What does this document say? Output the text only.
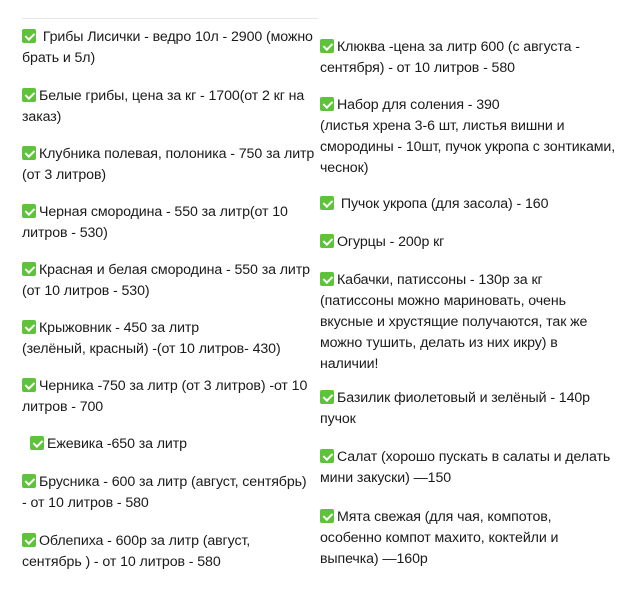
Грибы Лисички - ведро 10л - 2900 (можно
брать и 5л)
Белые грибы, цена за кг - 1700(от 2 кг на
заказ)
Клубника полевая, полоника - 750 за литр
(от 3 литров)
Черная смородина - 550 за литр(от 10
литров - 530)
Красная и белая смородина - 550 за литр
(от 10 литров - 530)
Крыжовник - 450 за литр
(зелёный, красный) -(от 10 литров- 430)
Черника -750 за литр (от 3 литров) -от 10
литров - 700
Ежевика -650 за литр
Брусника - 600 за литр (август, сентябрь)
- от 10 литров - 580
Облепиха - 600р за литр (август,
сентябрь ) - от 10 литров - 580
Клюква -цена за литр 600 (с августа -
сентября) - от 10 литров - 580
Набор для соления - 390
(листья хрена 3-6 шт, листья вишни и
смородины - 10шт, пучок укропа с зонтиками,
чеснок)
Пучок укропа (для засола) - 160
Огурцы - 200р кг
Кабачки, патиссоны - 130р за кг
(патиссоны можно мариновать, очень
вкусные и хрустящие получаются, так же
можно тушить, делать из них икру) в
наличии!
Базилик фиолетовый и зелёный - 140р
пучок
Салат (хорошо пускать в салаты и делать
мини закуски) —150
Мята свежая (для чая, компотов,
особенно компот махито, коктейли и
выпечка) —160р
